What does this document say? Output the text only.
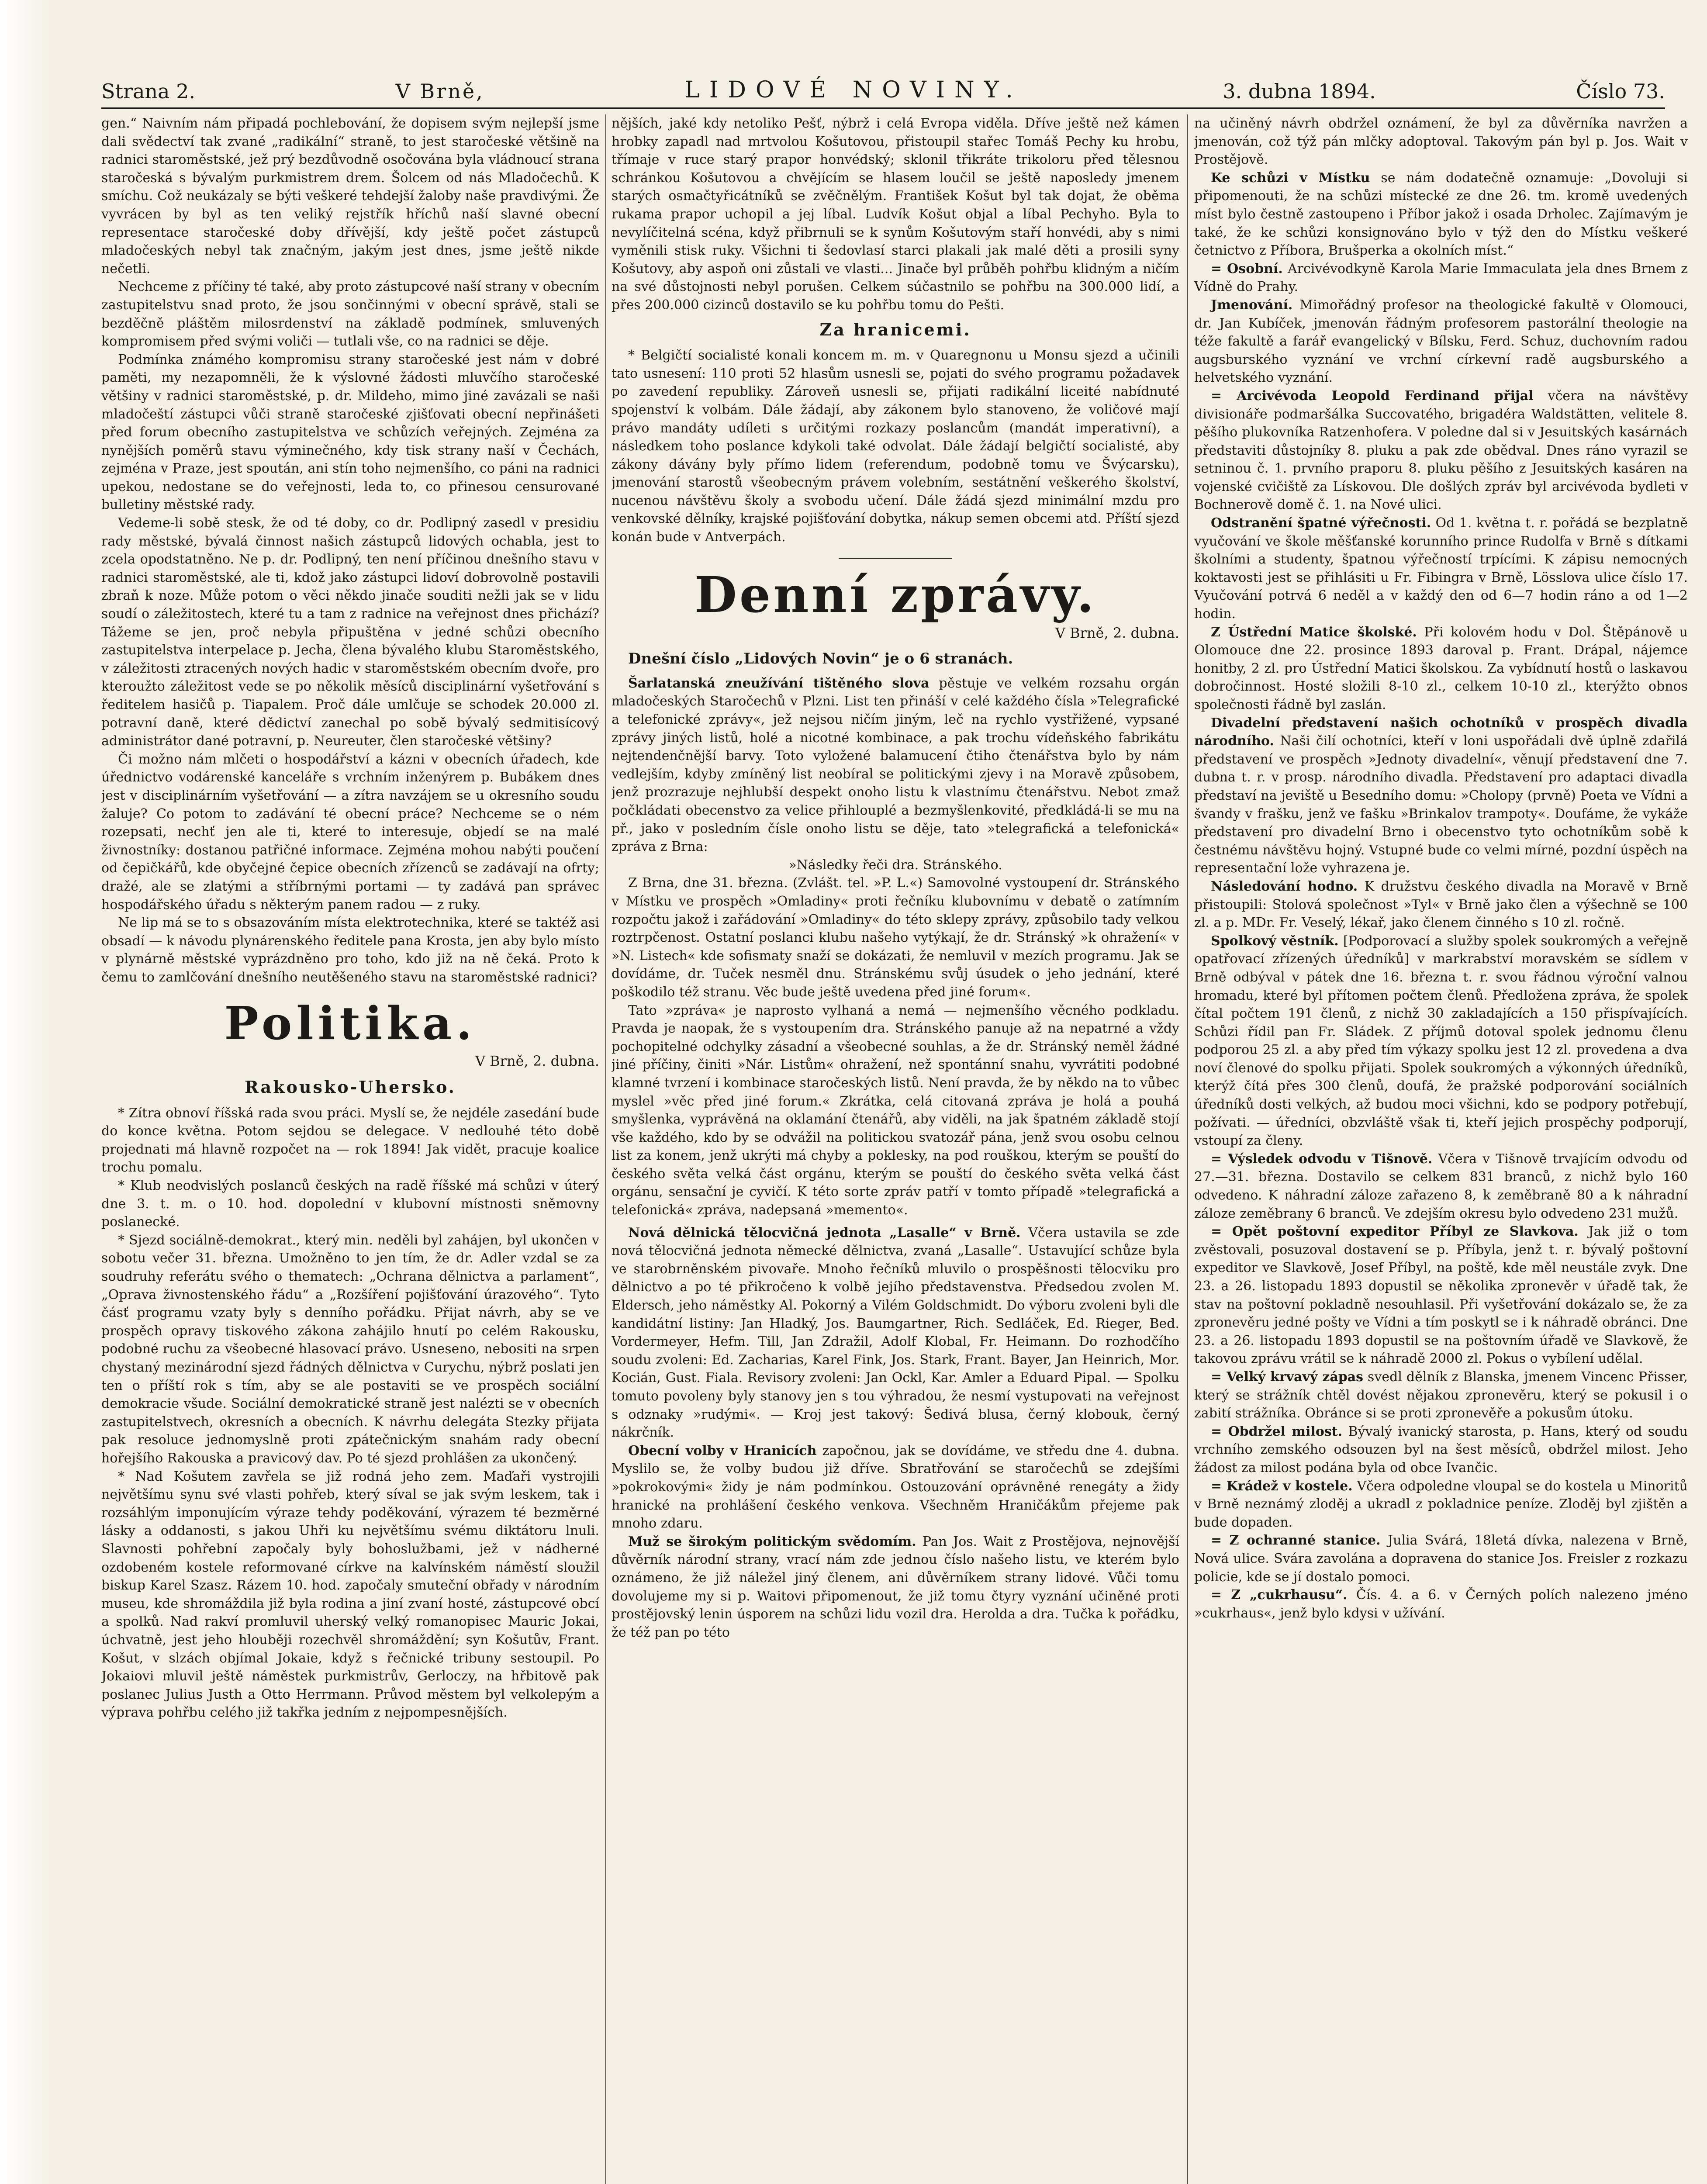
Strana 2.	V Brně,	LIDOVÉ NOVINY.	3. dubna 1894.	Číslo 73.

gen.“ Naivním nám připadá pochlebování, že dopisem svým nejlepší jsme dali svědectví tak zvané „radikální“ straně, to jest staročeské většině na radnici staroměstské, jež prý bezdůvodně osočována byla vládnoucí strana staročeská s bývalým purkmistrem drem. Šolcem od nás Mladočechů. K smíchu. Což neukázaly se býti veškeré tehdejší žaloby naše pravdivými. Že vyvrácen by byl as ten veliký rejstřík hříchů naší slavné obecní representace staročeské doby dřívější, kdy ještě počet zástupců mladočeských nebyl tak značným, jakým jest dnes, jsme ještě nikde nečetli.

Nechceme z příčiny té také, aby proto zástupcové naší strany v obecním zastupitelstvu snad proto, že jsou sončinnými v obecní správě, stali se bezděčně pláštěm milosrdenství na základě podmínek, smluvených kompromisem před svými voliči — tutlali vše, co na radnici se děje.

Podmínka známého kompromisu strany staročeské jest nám v dobré paměti, my nezapomněli, že k výslovné žádosti mluvčího staročeské většiny v radnici staroměstské, p. dr. Mildeho, mimo jiné zavázali se naši mladočeští zástupci vůči straně staročeské zjišťovati obecní nepřinášeti před forum obecního zastupitelstva ve schůzích veřejných. Zejména za nynějších poměrů stavu výminečného, kdy tisk strany naší v Čechách, zejména v Praze, jest spoután, ani stín toho nejmenšího, co páni na radnici upekou, nedostane se do veřejnosti, leda to, co přinesou censurované bulletiny městské rady.

Vedeme-li sobě stesk, že od té doby, co dr. Podlipný zasedl v presidiu rady městské, bývalá činnost našich zástupců lidových ochabla, jest to zcela opodstatněno. Ne p. dr. Podlipný, ten není příčinou dnešního stavu v radnici staroměstské, ale ti, kdož jako zástupci lidoví dobrovolně postavili zbraň k noze. Může potom o věci někdo jinače souditi nežli jak se v lidu soudí o záležitostech, které tu a tam z radnice na veřejnost dnes přichází? Tážeme se jen, proč nebyla připuštěna v jedné schůzi obecního zastupitelstva interpelace p. Jecha, člena bývalého klubu Staroměstského, v záležitosti ztracených nových hadic v staroměstském obecním dvoře, pro kteroužto záležitost vede se po několik měsíců disciplinární vyšetřování s ředitelem hasičů p. Tiapalem. Proč dále umlčuje se schodek 20.000 zl. potravní daně, které dědictví zanechal po sobě bývalý sedmitisícový administrátor dané potravní, p. Neureuter, člen staročeské většiny?

Či možno nám mlčeti o hospodářství a kázni v obecních úřadech, kde úřednictvo vodárenské kanceláře s vrchním inženýrem p. Bubákem dnes jest v disciplinárním vyšetřování — a zítra navzájem se u okresního soudu žaluje? Co potom to zadávání té obecní práce? Nechceme se o ném rozepsati, nechť jen ale ti, které to interesuje, objedí se na malé živnostníky: dostanou patřičné informace. Zejména mohou nabýti poučení od čepičkářů, kde obyčejné čepice obecních zřízenců se zadávají na ofrty; dražé, ale se zlatými a stříbrnými portami — ty zadává pan správec hospodářského úřadu s některým panem radou — z ruky.

Ne lip má se to s obsazováním místa elektrotechnika, které se taktéž asi obsadí — k návodu plynárenského ředitele pana Krosta, jen aby bylo místo v plynárně městské vyprázdněno pro toho, kdo již na ně čeká. Proto k čemu to zamlčování dnešního neutěšeného stavu na staroměstské radnici?

Politika.
V Brně, 2. dubna.
Rakousko-Uhersko.

* Zítra obnoví říšská rada svou práci. Myslí se, že nejdéle zasedání bude do konce května. Potom sejdou se delegace. V nedlouhé této době projednati má hlavně rozpočet na — rok 1894! Jak vidět, pracuje koalice trochu pomalu.

* Klub neodvislých poslanců českých na radě říšské má schůzi v úterý dne 3. t. m. o 10. hod. dopolední v klubovní místnosti sněmovny poslanecké.

* Sjezd sociálně-demokrat., který min. neděli byl zahájen, byl ukončen v sobotu večer 31. března. Umožněno to jen tím, že dr. Adler vzdal se za soudruhy referátu svého o thematech: „Ochrana dělnictva a parlament“, „Oprava živnostenského řádu“ a „Rozšíření pojišťování úrazového“. Tyto čásť programu vzaty byly s denního pořádku. Přijat návrh, aby se ve prospěch opravy tiskového zákona zahájilo hnutí po celém Rakousku, podobné ruchu za všeobecné hlasovací právo. Usneseno, nebositi na srpen chystaný mezinárodní sjezd řádných dělnictva v Curychu, nýbrž poslati jen ten o příští rok s tím, aby se ale postaviti se ve prospěch sociální demokracie všude. Sociální demokratické straně jest nalézti se v obecních zastupitelstvech, okresních a obecních. K návrhu delegáta Stezky přijata pak resoluce jednomyslně proti zpátečnickým snahám rady obecní hořejšího Rakouska a pravicový dav. Po té sjezd prohlášen za ukončený.

* Nad Košutem zavřela se již rodná jeho zem. Maďaři vystrojili největšímu synu své vlasti pohřeb, který síval se jak svým leskem, tak i rozsáhlým imponujícím výraze tehdy poděkování, výrazem té bezměrné lásky a oddanosti, s jakou Uhři ku největšímu svému diktátoru lnuli. Slavnosti pohřební započaly byly bohoslužbami, jež v nádherné ozdobeném kostele reformované církve na kalvínském náměstí sloužil biskup Karel Szasz. Rázem 10. hod. započaly smuteční obřady v národním museu, kde shromáždila již byla rodina a jiní zvaní hosté, zástupcové obcí a spolků. Nad rakví promluvil uherský velký romanopisec Mauric Jokai, úchvatně, jest jeho hlouběji rozechvěl shromáždění; syn Košutův, Frant. Košut, v slzách objímal Jokaie, když s řečnické tribuny sestoupil. Po Jokaiovi mluvil ještě náměstek purkmistrův, Gerloczy, na hřbitově pak poslanec Julius Justh a Otto Herrmann. Průvod městem byl velkolepým a výprava pohřbu celého již takřka jedním z nejpompesnějších.

nějších, jaké kdy netoliko Pešť, nýbrž i celá Evropa viděla. Dříve ještě než kámen hrobky zapadl nad mrtvolou Košutovou, přistoupil stařec Tomáš Pechy ku hrobu, třímaje v ruce starý prapor honvédský; sklonil třikráte trikoloru před tělesnou schránkou Košutovou a chvějícím se hlasem loučil se ještě naposledy jmenem starých osmačtyřicátníků se zvěčnělým. František Košut byl tak dojat, že oběma rukama prapor uchopil a jej líbal. Ludvík Košut objal a líbal Pechyho. Byla to nevylíčitelná scéna, když přibrnuli se k synům Košutovým staří honvédi, aby s nimi vyměnili stisk ruky. Všichni ti šedovlasí starci plakali jak malé děti a prosili syny Košutovy, aby aspoň oni zůstali ve vlasti... Jinače byl průběh pohřbu klidným a ničím na své důstojnosti nebyl porušen. Celkem súčastnilo se pohřbu na 300.000 lidí, a přes 200.000 cizinců dostavilo se ku pohřbu tomu do Pešti.

Za hranicemi.

* Belgičtí socialisté konali koncem m. m. v Quaregnonu u Monsu sjezd a učinili tato usnesení: 110 proti 52 hlasům usnesli se, pojati do svého programu požadavek po zavedení republiky. Zároveň usnesli se, přijati radikální liceité nabídnuté spojenství k volbám. Dále žádají, aby zákonem bylo stanoveno, že voličové mají právo mandáty udíleti s určitými rozkazy poslancům (mandát imperativní), a následkem toho poslance kdykoli také odvolat. Dále žádají belgičtí socialisté, aby zákony dávány byly přímo lidem (referendum, podobně tomu ve Švýcarsku), jmenování starostů všeobecným právem volebním, sestátnění veškerého školství, nucenou návštěvu školy a svobodu učení. Dále žádá sjezd minimální mzdu pro venkovské dělníky, krajské pojišťování dobytka, nákup semen obcemi atd. Příští sjezd konán bude v Antverpách.

Denní zprávy.
V Brně, 2. dubna.

Dnešní číslo „Lidových Novin“ je o 6 stranách.

Šarlatanská zneužívání tištěného slova pěstuje ve velkém rozsahu orgán mladočeských Staročechů v Plzni. List ten přináší v celé každého čísla »Telegrafické a telefonické zprávy«, jež nejsou ničím jiným, leč na rychlo vystřižené, vypsané zprávy jiných listů, holé a nicotné kombinace, a pak trochu vídeňského fabrikátu nejtendenčnější barvy. Toto vyložené balamucení čtiho čtenářstva bylo by nám vedlejším, kdyby zmíněný list neobíral se politickými zjevy i na Moravě způsobem, jenž prozrazuje nejhlubší despekt onoho listu k vlastnímu čtenářstvu. Nebot zmaž počkládati obecenstvo za velice přihlouplé a bezmyšlenkovité, předkládá-li se mu na př., jako v posledním čísle onoho listu se děje, tato »telegrafická a telefonická« zpráva z Brna:

»Následky řeči dra. Stránského.

Z Brna, dne 31. března. (Zvlášt. tel. »P. L.«) Samovolné vystoupení dr. Stránského v Místku ve prospěch »Omladiny« proti řečníku klubovnímu v debatě o zatímním rozpočtu jakož i zařádování »Omladiny« do této sklepy zprávy, způsobilo tady velkou roztrpčenost. Ostatní poslanci klubu našeho vytýkají, že dr. Stránský »k ohražení« v »N. Listech« kde sofismaty snaží se dokázati, že nemluvil v mezích programu. Jak se dovídáme, dr. Tuček nesměl dnu. Stránskému svůj úsudek o jeho jednání, které poškodilo též stranu. Věc bude ještě uvedena před jiné forum«.

Tato »zpráva« je naprosto vylhaná a nemá — nejmenšího věcného podkladu. Pravda je naopak, že s vystoupením dra. Stránského panuje až na nepatrné a vždy pochopitelné odchylky zásadní a všeobecné souhlas, a že dr. Stránský neměl žádné jiné příčiny, činiti »Nár. Listům« ohražení, než spontánní snahu, vyvrátiti podobné klamné tvrzení i kombinace staročeských listů. Není pravda, že by někdo na to vůbec myslel »věc před jiné forum.« Zkrátka, celá citovaná zpráva je holá a pouhá smyšlenka, vyprávěná na oklamání čtenářů, aby viděli, na jak špatném základě stojí vše každého, kdo by se odvážil na politickou svatozář pána, jenž svou osobu celnou list za konem, jenž ukrýti má chyby a poklesky, na pod rouškou, kterým se pouští do českého světa velká část orgánu, kterým se pouští do českého světa velká část orgánu, sensační je cyvičí. K této sorte zpráv patří v tomto případě »telegrafická a telefonická« zpráva, nadepsaná »memento«.

Nová dělnická tělocvičná jednota „Lasalle“ v Brně. Včera ustavila se zde nová tělocvičná jednota německé dělnictva, zvaná „Lasalle“. Ustavující schůze byla ve starobrněnském pivovaře. Mnoho řečníků mluvilo o prospěšnosti tělocviku pro dělnictvo a po té přikročeno k volbě jejího představenstva. Předsedou zvolen M. Eldersch, jeho náměstky Al. Pokorný a Vilém Goldschmidt. Do výboru zvoleni byli dle kandidátní listiny: Jan Hladký, Jos. Baumgartner, Rich. Sedláček, Ed. Rieger, Bed. Vordermeyer, Hefm. Till, Jan Zdražil, Adolf Klobal, Fr. Heimann. Do rozhodčího soudu zvoleni: Ed. Zacharias, Karel Fink, Jos. Stark, Frant. Bayer, Jan Heinrich, Mor. Kocián, Gust. Fiala. Revisory zvoleni: Jan Ockl, Kar. Amler a Eduard Pipal. — Spolku tomuto povoleny byly stanovy jen s tou výhradou, že nesmí vystupovati na veřejnost s odznaky »rudými«. — Kroj jest takový: Šedivá blusa, černý klobouk, černý nákrčník.

Obecní volby v Hranicích započnou, jak se dovídáme, ve středu dne 4. dubna. Myslilo se, že volby budou již dříve. Sbratřování se staročechů se zdejšími »pokrokovými« židy je nám podmínkou. Ostouzování oprávněné renegáty a židy hranické na prohlášení českého venkova. Všechněm Hraničákům přejeme pak mnoho zdaru.

Muž se širokým politickým svědomím. Pan Jos. Wait z Prostějova, nejnovější důvěrník národní strany, vrací nám zde jednou číslo našeho listu, ve kterém bylo oznámeno, že již náležel jiný členem, ani důvěrníkem strany lidové. Vůči tomu dovolujeme my si p. Waitovi připomenout, že již tomu čtyry vyznání učiněné proti prostějovský lenin úsporem na schůzi lidu vozil dra. Herolda a dra. Tučka k pořádku, že též pan po této

na učiněný návrh obdržel oznámení, že byl za důvěrníka navržen a jmenován, což týž pán mlčky adoptoval. Takovým pán byl p. Jos. Wait v Prostějově.

Ke schůzi v Místku se nám dodatečně oznamuje: „Dovoluji si připomenouti, že na schůzi místecké ze dne 26. tm. kromě uvedených míst bylo čestně zastoupeno i Příbor jakož i osada Drholec. Zajímavým je také, že ke schůzi konsignováno bylo v týž den do Místku veškeré četnictvo z Příbora, Brušperka a okolních míst.“

= Osobní. Arcivévodkyně Karola Marie Immaculata jela dnes Brnem z Vídně do Prahy.

Jmenování. Mimořádný profesor na theologické fakultě v Olomouci, dr. Jan Kubíček, jmenován řádným profesorem pastorální theologie na téže fakultě a farář evangelický v Bílsku, Ferd. Schuz, duchovním radou augsburského vyznání ve vrchní církevní radě augsburského a helvetského vyznání.

= Arcivévoda Leopold Ferdinand přijal včera na návštěvy divisionáře podmaršálka Succovatého, brigadéra Waldstätten, velitele 8. pěšího plukovníka Ratzenhofera. V poledne dal si v Jesuitských kasárnách představiti důstojníky 8. pluku a pak zde obědval. Dnes ráno vyrazil se setninou č. 1. prvního praporu 8. pluku pěšího z Jesuitských kasáren na vojenské cvičiště za Lískovou. Dle došlých zpráv byl arcivévoda bydleti v Bochnerově domě č. 1. na Nové ulici.

Odstranění špatné výřečnosti. Od 1. května t. r. pořádá se bezplatně vyučování ve škole měšťanské korunního prince Rudolfa v Brně s dítkami školními a studenty, špatnou výřečností trpícími. K zápisu nemocných koktavosti jest se přihlásiti u Fr. Fibingra v Brně, Lösslova ulice číslo 17. Vyučování potrvá 6 neděl a v každý den od 6—7 hodin ráno a od 1—2 hodin.

Z Ústřední Matice školské. Při kolovém hodu v Dol. Štěpánově u Olomouce dne 22. prosince 1893 daroval p. Frant. Drápal, nájemce honitby, 2 zl. pro Ústřední Matici školskou. Za vybídnutí hostů o laskavou dobročinnost. Hosté složili 8-10 zl., celkem 10-10 zl., kterýžto obnos společnosti řádně byl zaslán.

Divadelní představení našich ochotníků v prospěch divadla národního. Naši čilí ochotníci, kteří v loni uspořádali dvě úplně zdařilá představení ve prospěch »Jednoty divadelní«, věnují představení dne 7. dubna t. r. v prosp. národního divadla. Představení pro adaptaci divadla představí na jeviště u Besedního domu: »Cholopy (prvně) Poeta ve Vídni a švandy v frašku, jenž ve fašku »Brinkalov trampoty«. Doufáme, že vykáže představení pro divadelní Brno i obecenstvo tyto ochotníkům sobě k čestnému návštěvu hojný. Vstupné bude co velmi mírné, pozdní úspěch na representační lože vyhrazena je.

Následování hodno. K družstvu českého divadla na Moravě v Brně přistoupili: Stolová společnost »Tyl« v Brně jako člen a výšechně se 100 zl. a p. MDr. Fr. Veselý, lékař, jako členem činného s 10 zl. ročně.

Spolkový věstník. [Podporovací a služby spolek soukromých a veřejně opatřovací zřízených úředníků] v markrabství moravském se sídlem v Brně odbýval v pátek dne 16. března t. r. svou řádnou výroční valnou hromadu, které byl přítomen počtem členů. Předložena zpráva, že spolek čítal počtem 191 členů, z nichž 30 zakladajících a 150 přispívajících. Schůzi řídil pan Fr. Sládek. Z příjmů dotoval spolek jednomu členu podporou 25 zl. a aby před tím výkazy spolku jest 12 zl. provedena a dva noví členové do spolku přijati. Spolek soukromých a výkonných úředníků, kterýž čítá přes 300 členů, doufá, že pražské podporování sociálních úředníků dosti velkých, až budou moci všichni, kdo se podpory potřebují, požívati. — úředníci, obzvláště však ti, kteří jejich prospěchy podporují, vstoupí za členy.

= Výsledek odvodu v Tišnově. Včera v Tišnově trvajícím odvodu od 27.—31. března. Dostavilo se celkem 831 branců, z nichž bylo 160 odvedeno. K náhradní záloze zařazeno 8, k zeměbraně 80 a k náhradní záloze zeměbrany 6 branců. Ve zdejším okresu bylo odvedeno 231 mužů.

= Opět poštovní expeditor Příbyl ze Slavkova. Jak již o tom zvěstovali, posuzoval dostavení se p. Příbyla, jenž t. r. bývalý poštovní expeditor ve Slavkově, Josef Příbyl, na poště, kde měl neustále zvyk. Dne 23. a 26. listopadu 1893 dopustil se několika zpronevěr v úřadě tak, že stav na poštovní pokladně nesouhlasil. Při vyšetřování dokázalo se, že za zpronevěru jedné pošty ve Vídni a tím poskytl se i k náhradě obránci. Dne 23. a 26. listopadu 1893 dopustil se na poštovním úřadě ve Slavkově, že takovou zprávu vrátil se k náhradě 2000 zl. Pokus o vybílení udělal.

= Velký krvavý zápas svedl dělník z Blanska, jmenem Vincenc Přisser, který se strážník chtěl dovést nějakou zpronevěru, který se pokusil i o zabití strážníka. Obránce si se proti zpronevěře a pokusům útoku.

= Obdržel milost. Bývalý ivanický starosta, p. Hans, který od soudu vrchního zemského odsouzen byl na šest měsíců, obdržel milost. Jeho žádost za milost podána byla od obce Ivančic.

= Krádež v kostele. Včera odpoledne vloupal se do kostela u Minoritů v Brně neznámý zloděj a ukradl z pokladnice peníze. Zloděj byl zjištěn a bude dopaden.

= Z ochranné stanice. Julia Svárá, 18letá dívka, nalezena v Brně, Nová ulice. Svára zavolána a dopravena do stanice Jos. Freisler z rozkazu policie, kde se jí dostalo pomoci.

= Z „cukrhausu“. Čís. 4. a 6. v Černých polích nalezeno jméno »cukrhaus«, jenž bylo kdysi v užívání.
